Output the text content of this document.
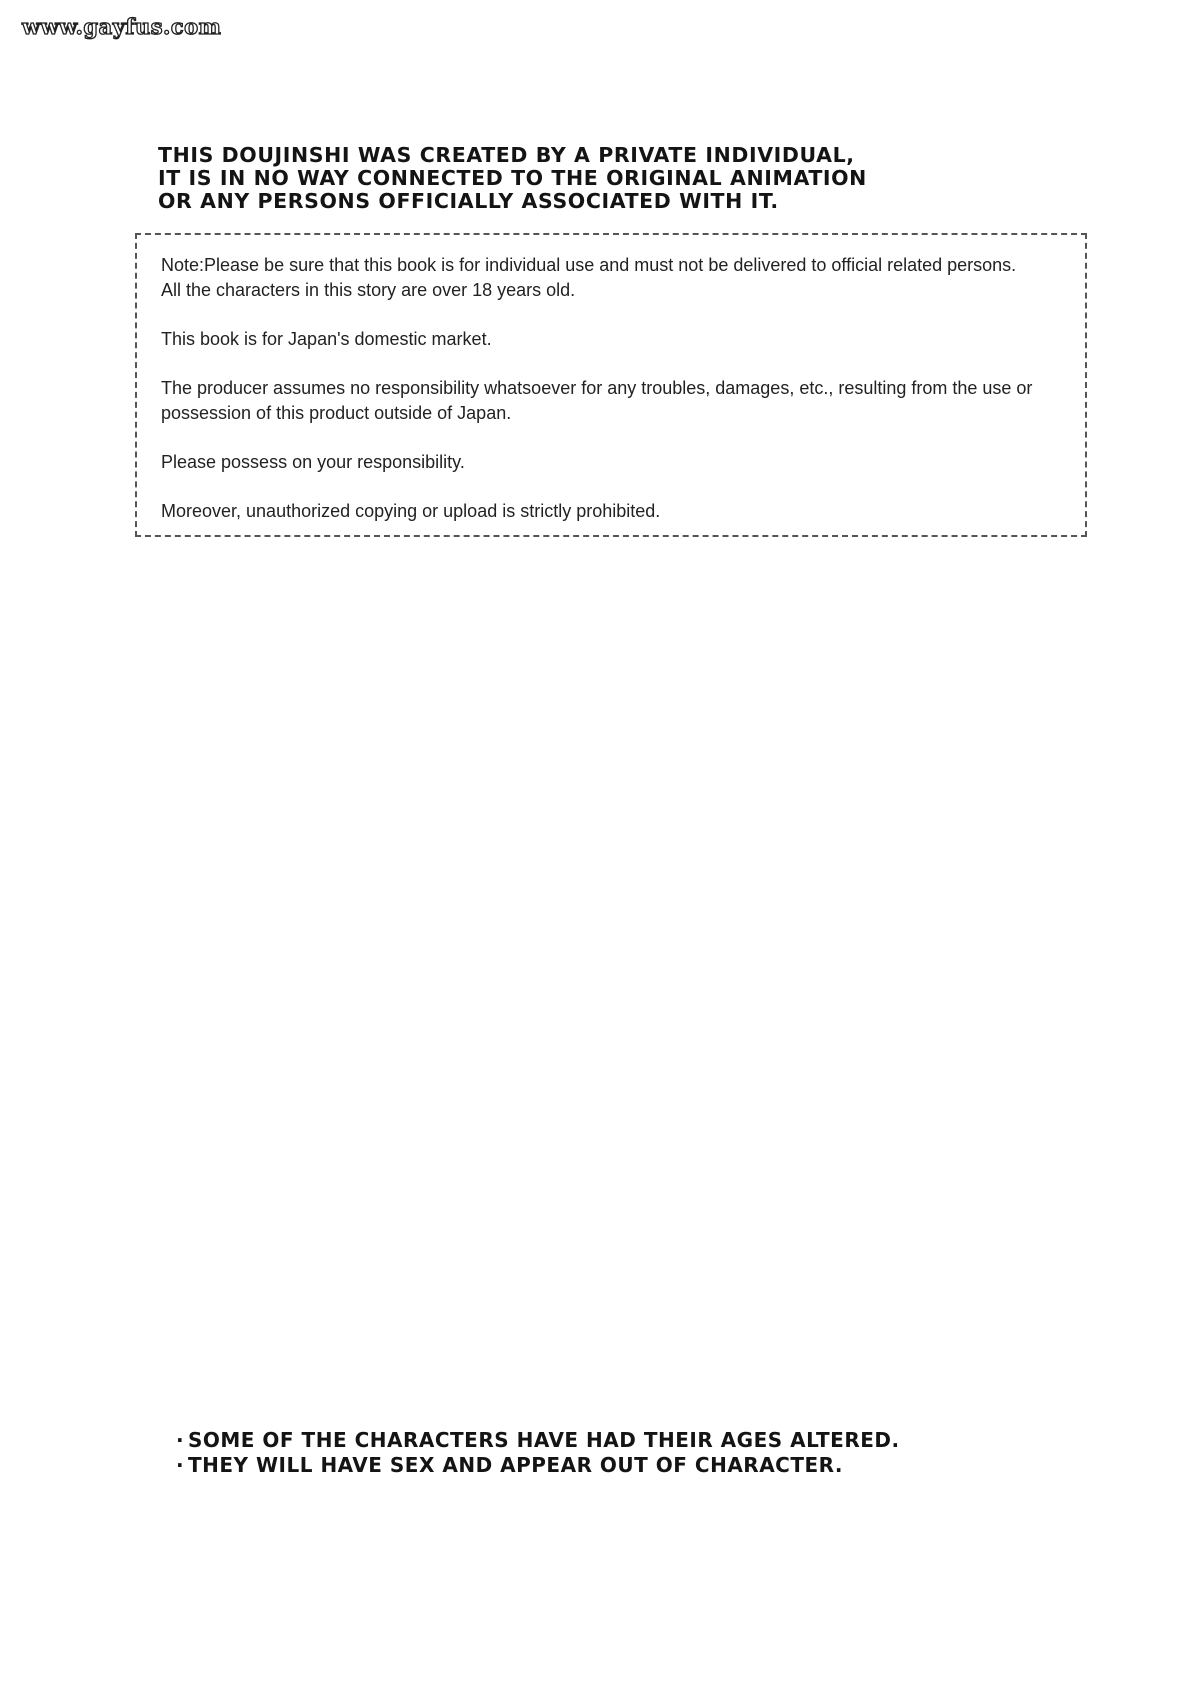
www.gayfus.com
THIS DOUJINSHI WAS CREATED BY A PRIVATE INDIVIDUAL,
IT IS IN NO WAY CONNECTED TO THE ORIGINAL ANIMATION
OR ANY PERSONS OFFICIALLY ASSOCIATED WITH IT.
Note:Please be sure that this book is for individual use and must not be delivered to official related persons.
All the characters in this story are over 18 years old.
This book is for Japan's domestic market.
The producer assumes no responsibility whatsoever for any troubles, damages, etc., resulting from the use or possession of this product outside of Japan.
Please possess on your responsibility.
Moreover, unauthorized copying or upload is strictly prohibited.
· SOME OF THE CHARACTERS HAVE HAD THEIR AGES ALTERED.
· THEY WILL HAVE SEX AND APPEAR OUT OF CHARACTER.
